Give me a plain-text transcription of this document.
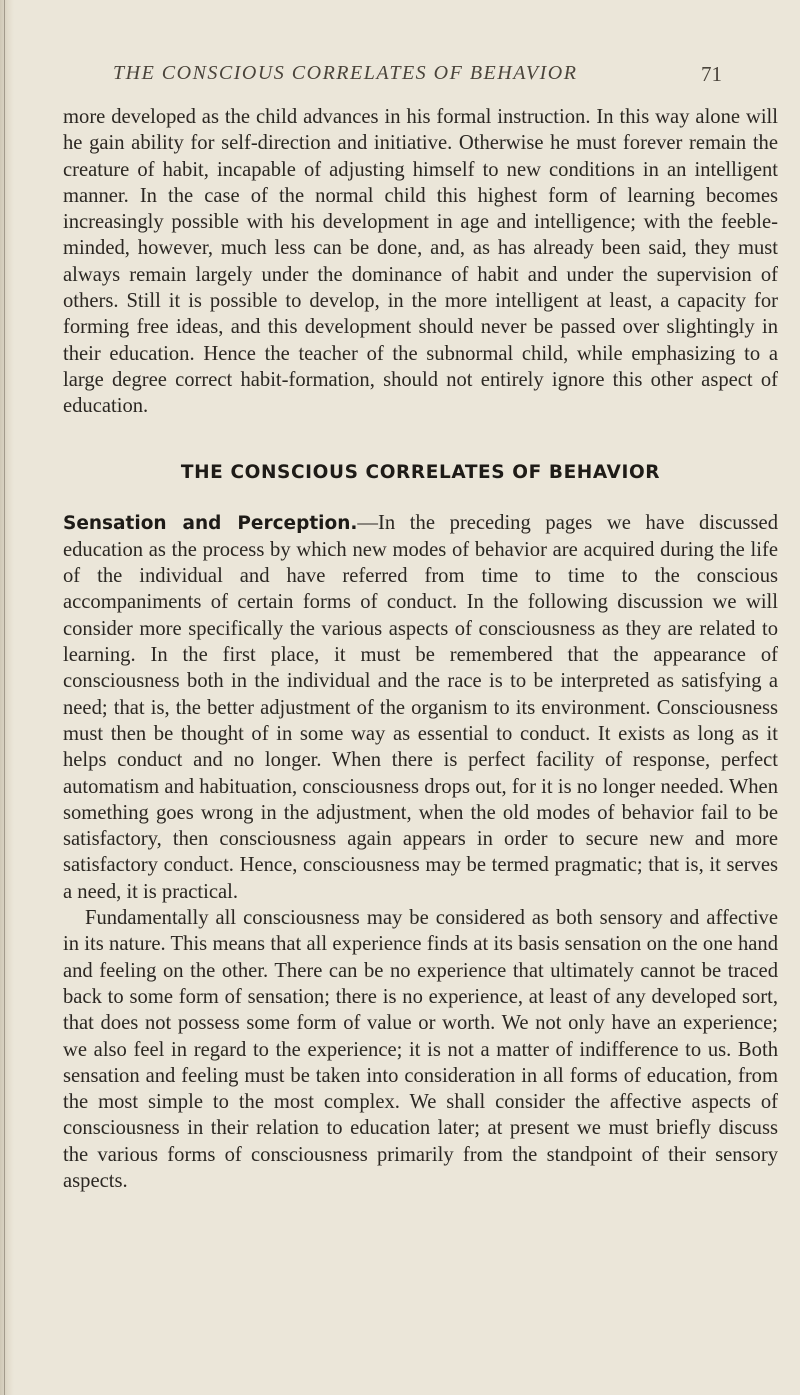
THE CONSCIOUS CORRELATES OF BEHAVIOR	71

more developed as the child advances in his formal instruction. In this way alone will he gain ability for self-direction and initiative. Otherwise he must forever remain the creature of habit, incapable of adjusting himself to new conditions in an intelligent manner. In the case of the normal child this highest form of learning becomes increasingly possible with his development in age and intelligence; with the feeble-minded, however, much less can be done, and, as has already been said, they must always remain largely under the dominance of habit and under the supervision of others. Still it is possible to develop, in the more intelligent at least, a capacity for forming free ideas, and this development should never be passed over slightingly in their education. Hence the teacher of the subnormal child, while emphasizing to a large degree correct habit-formation, should not entirely ignore this other aspect of education.

THE CONSCIOUS CORRELATES OF BEHAVIOR

Sensation and Perception.—In the preceding pages we have discussed education as the process by which new modes of behavior are acquired during the life of the individual and have referred from time to time to the conscious accompaniments of certain forms of conduct. In the following discussion we will consider more specifically the various aspects of consciousness as they are related to learning. In the first place, it must be remembered that the appearance of consciousness both in the individual and the race is to be interpreted as satisfying a need; that is, the better adjustment of the organism to its environment. Consciousness must then be thought of in some way as essential to conduct. It exists as long as it helps conduct and no longer. When there is perfect facility of response, perfect automatism and habituation, consciousness drops out, for it is no longer needed. When something goes wrong in the adjustment, when the old modes of behavior fail to be satisfactory, then consciousness again appears in order to secure new and more satisfactory conduct. Hence, consciousness may be termed pragmatic; that is, it serves a need, it is practical.

Fundamentally all consciousness may be considered as both sensory and affective in its nature. This means that all experience finds at its basis sensation on the one hand and feeling on the other. There can be no experience that ultimately cannot be traced back to some form of sensation; there is no experience, at least of any developed sort, that does not possess some form of value or worth. We not only have an experience; we also feel in regard to the experience; it is not a matter of indifference to us. Both sensation and feeling must be taken into consideration in all forms of education, from the most simple to the most complex. We shall consider the affective aspects of consciousness in their relation to education later; at present we must briefly discuss the various forms of consciousness primarily from the standpoint of their sensory aspects.
